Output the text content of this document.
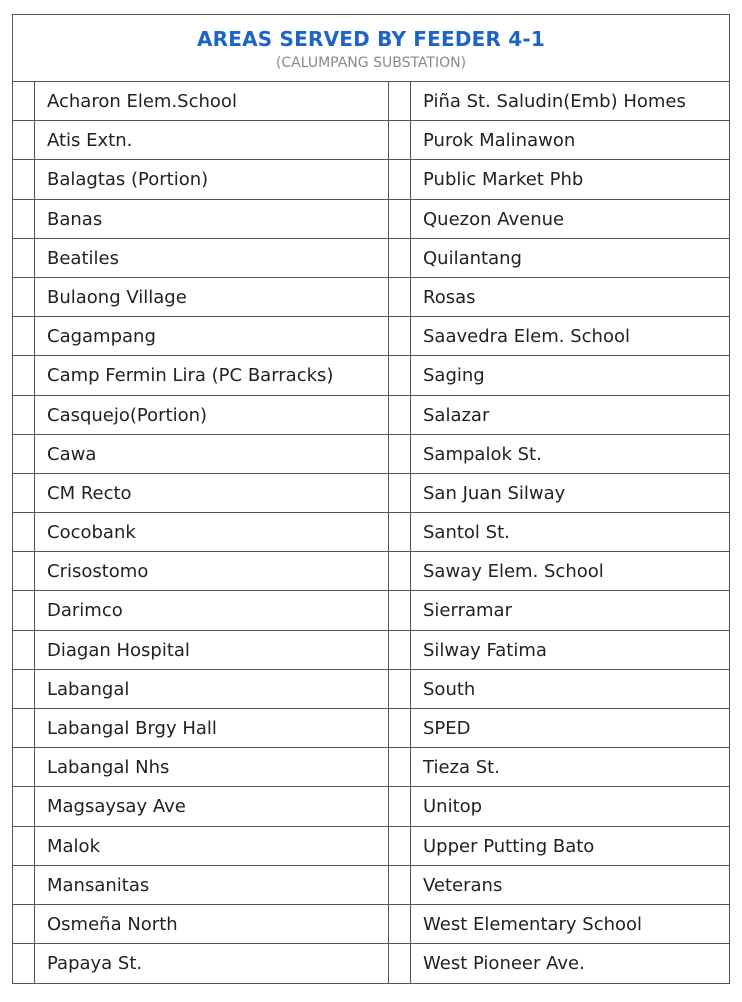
AREAS SERVED BY FEEDER 4-1
(CALUMPANG SUBSTATION)
Acharon Elem.School	Piña St. Saludin(Emb) Homes
Atis Extn.	Purok Malinawon
Balagtas (Portion)	Public Market Phb
Banas	Quezon Avenue
Beatiles	Quilantang
Bulaong Village	Rosas
Cagampang	Saavedra Elem. School
Camp Fermin Lira (PC Barracks)	Saging
Casquejo(Portion)	Salazar
Cawa	Sampalok St.
CM Recto	San Juan Silway
Cocobank	Santol St.
Crisostomo	Saway Elem. School
Darimco	Sierramar
Diagan Hospital	Silway Fatima
Labangal	South
Labangal Brgy Hall	SPED
Labangal Nhs	Tieza St.
Magsaysay Ave	Unitop
Malok	Upper Putting Bato
Mansanitas	Veterans
Osmeña North	West Elementary School
Papaya St.	West Pioneer Ave.
